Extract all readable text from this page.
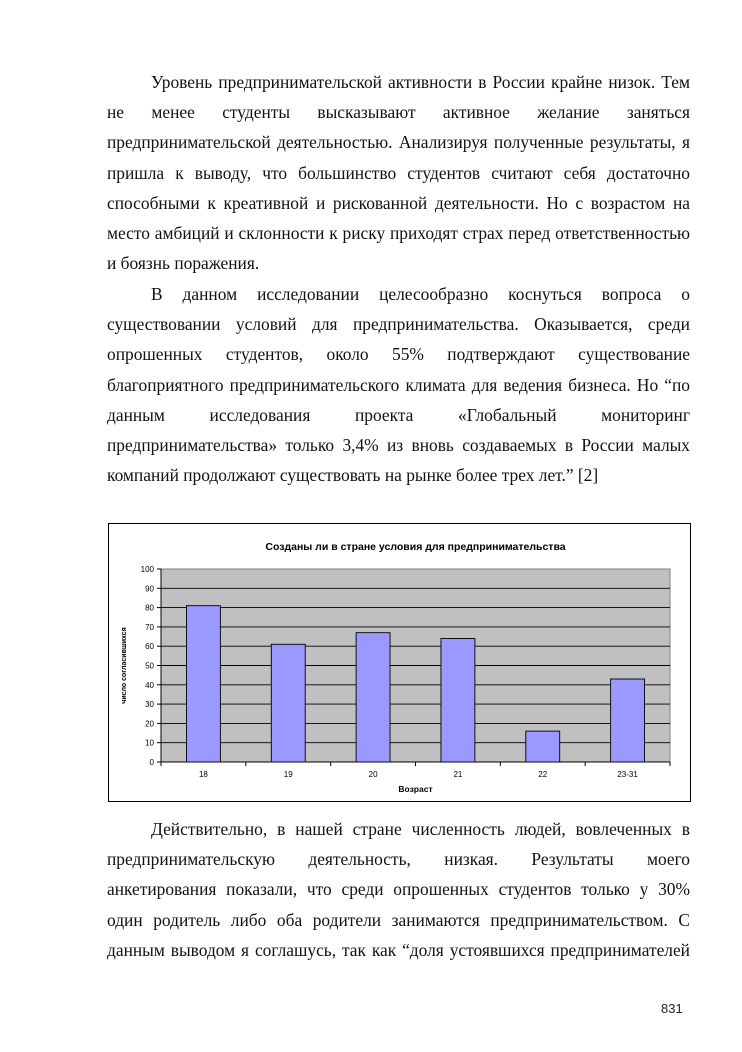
Уровень предпринимательской активности в России крайне низок. Тем
не менее студенты высказывают активное желание заняться
предпринимательской деятельностью. Анализируя полученные результаты, я
пришла к выводу, что большинство студентов считают себя достаточно
способными к креативной и рискованной деятельности. Но с возрастом на
место амбиций и склонности к риску приходят страх перед ответственностью
и боязнь поражения.
В данном исследовании целесообразно коснуться вопроса о
существовании условий для предпринимательства. Оказывается, среди
опрошенных студентов, около 55% подтверждают существование
благоприятного предпринимательского климата для ведения бизнеса. Но “по
данным исследования проекта «Глобальный мониторинг
предпринимательства» только 3,4% из вновь создаваемых в России малых
компаний продолжают существовать на рынке более трех лет.” [2]
Созданы ли в стране условия для предпринимательства
0
10
20
30
40
50
60
70
80
90
100
18	19	20	21	22	23-31
Возраст
число согласившихся
Действительно, в нашей стране численность людей, вовлеченных в
предпринимательскую деятельность, низкая. Результаты моего
анкетирования показали, что среди опрошенных студентов только у 30%
один родитель либо оба родители занимаются предпринимательством. С
данным выводом я соглашусь, так как “доля устоявшихся предпринимателей
831
